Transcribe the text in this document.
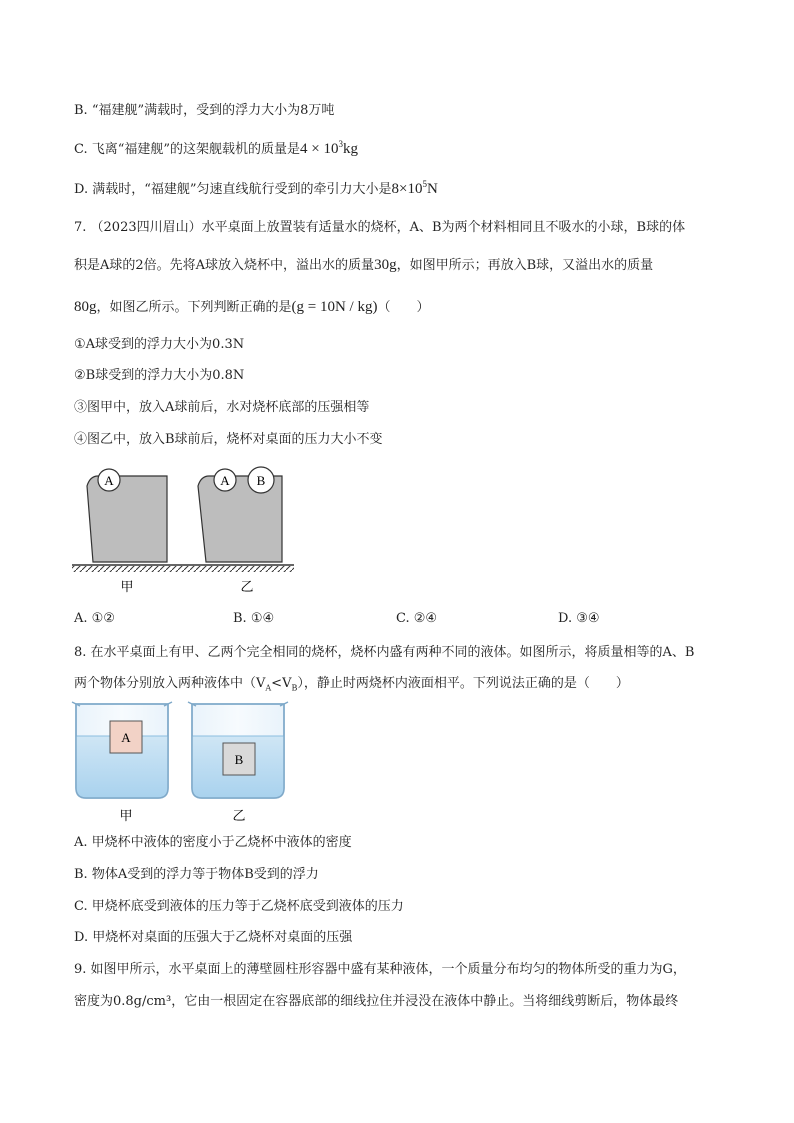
B. “福建舰”满载时，受到的浮力大小为8万吨
C. 飞离“福建舰”的这架舰载机的质量是$4 \times 10^3kg$
D. 满载时，“福建舰”匀速直线航行受到的牵引力大小是$8\times 10^5N$
7. （2023四川眉山）水平桌面上放置装有适量水的烧杯，A、B为两个材料相同且不吸水的小球，B球的体
积是A球的2倍。先将A球放入烧杯中，溢出水的质量30g，如图甲所示；再放入B球，又溢出水的质量
80g，如图乙所示。下列判断正确的是(g = 10N / kg)（　　）
①A球受到的浮力大小为0.3N
②B球受到的浮力大小为0.8N
③图甲中，放入A球前后，水对烧杯底部的压强相等
④图乙中，放入B球前后，烧杯对桌面的压力大小不变
A	A B
甲	乙
A. ①②	B. ①④	C. ②④	D. ③④
8. 在水平桌面上有甲、乙两个完全相同的烧杯，烧杯内盛有两种不同的液体。如图所示，将质量相等的A、B
两个物体分别放入两种液体中$(V_A<V_B)$，静止时两烧杯内液面相平。下列说法正确的是（　　）
A
B
甲	乙
A. 甲烧杯中液体的密度小于乙烧杯中液体的密度
B. 物体A受到的浮力等于物体B受到的浮力
C. 甲烧杯底受到液体的压力等于乙烧杯底受到液体的压力
D. 甲烧杯对桌面的压强大于乙烧杯对桌面的压强
9. 如图甲所示，水平桌面上的薄壁圆柱形容器中盛有某种液体，一个质量分布均匀的物体所受的重力为G，
密度为0.8g/cm³，它由一根固定在容器底部的细线拉住并浸没在液体中静止。当将细线剪断后，物体最终
